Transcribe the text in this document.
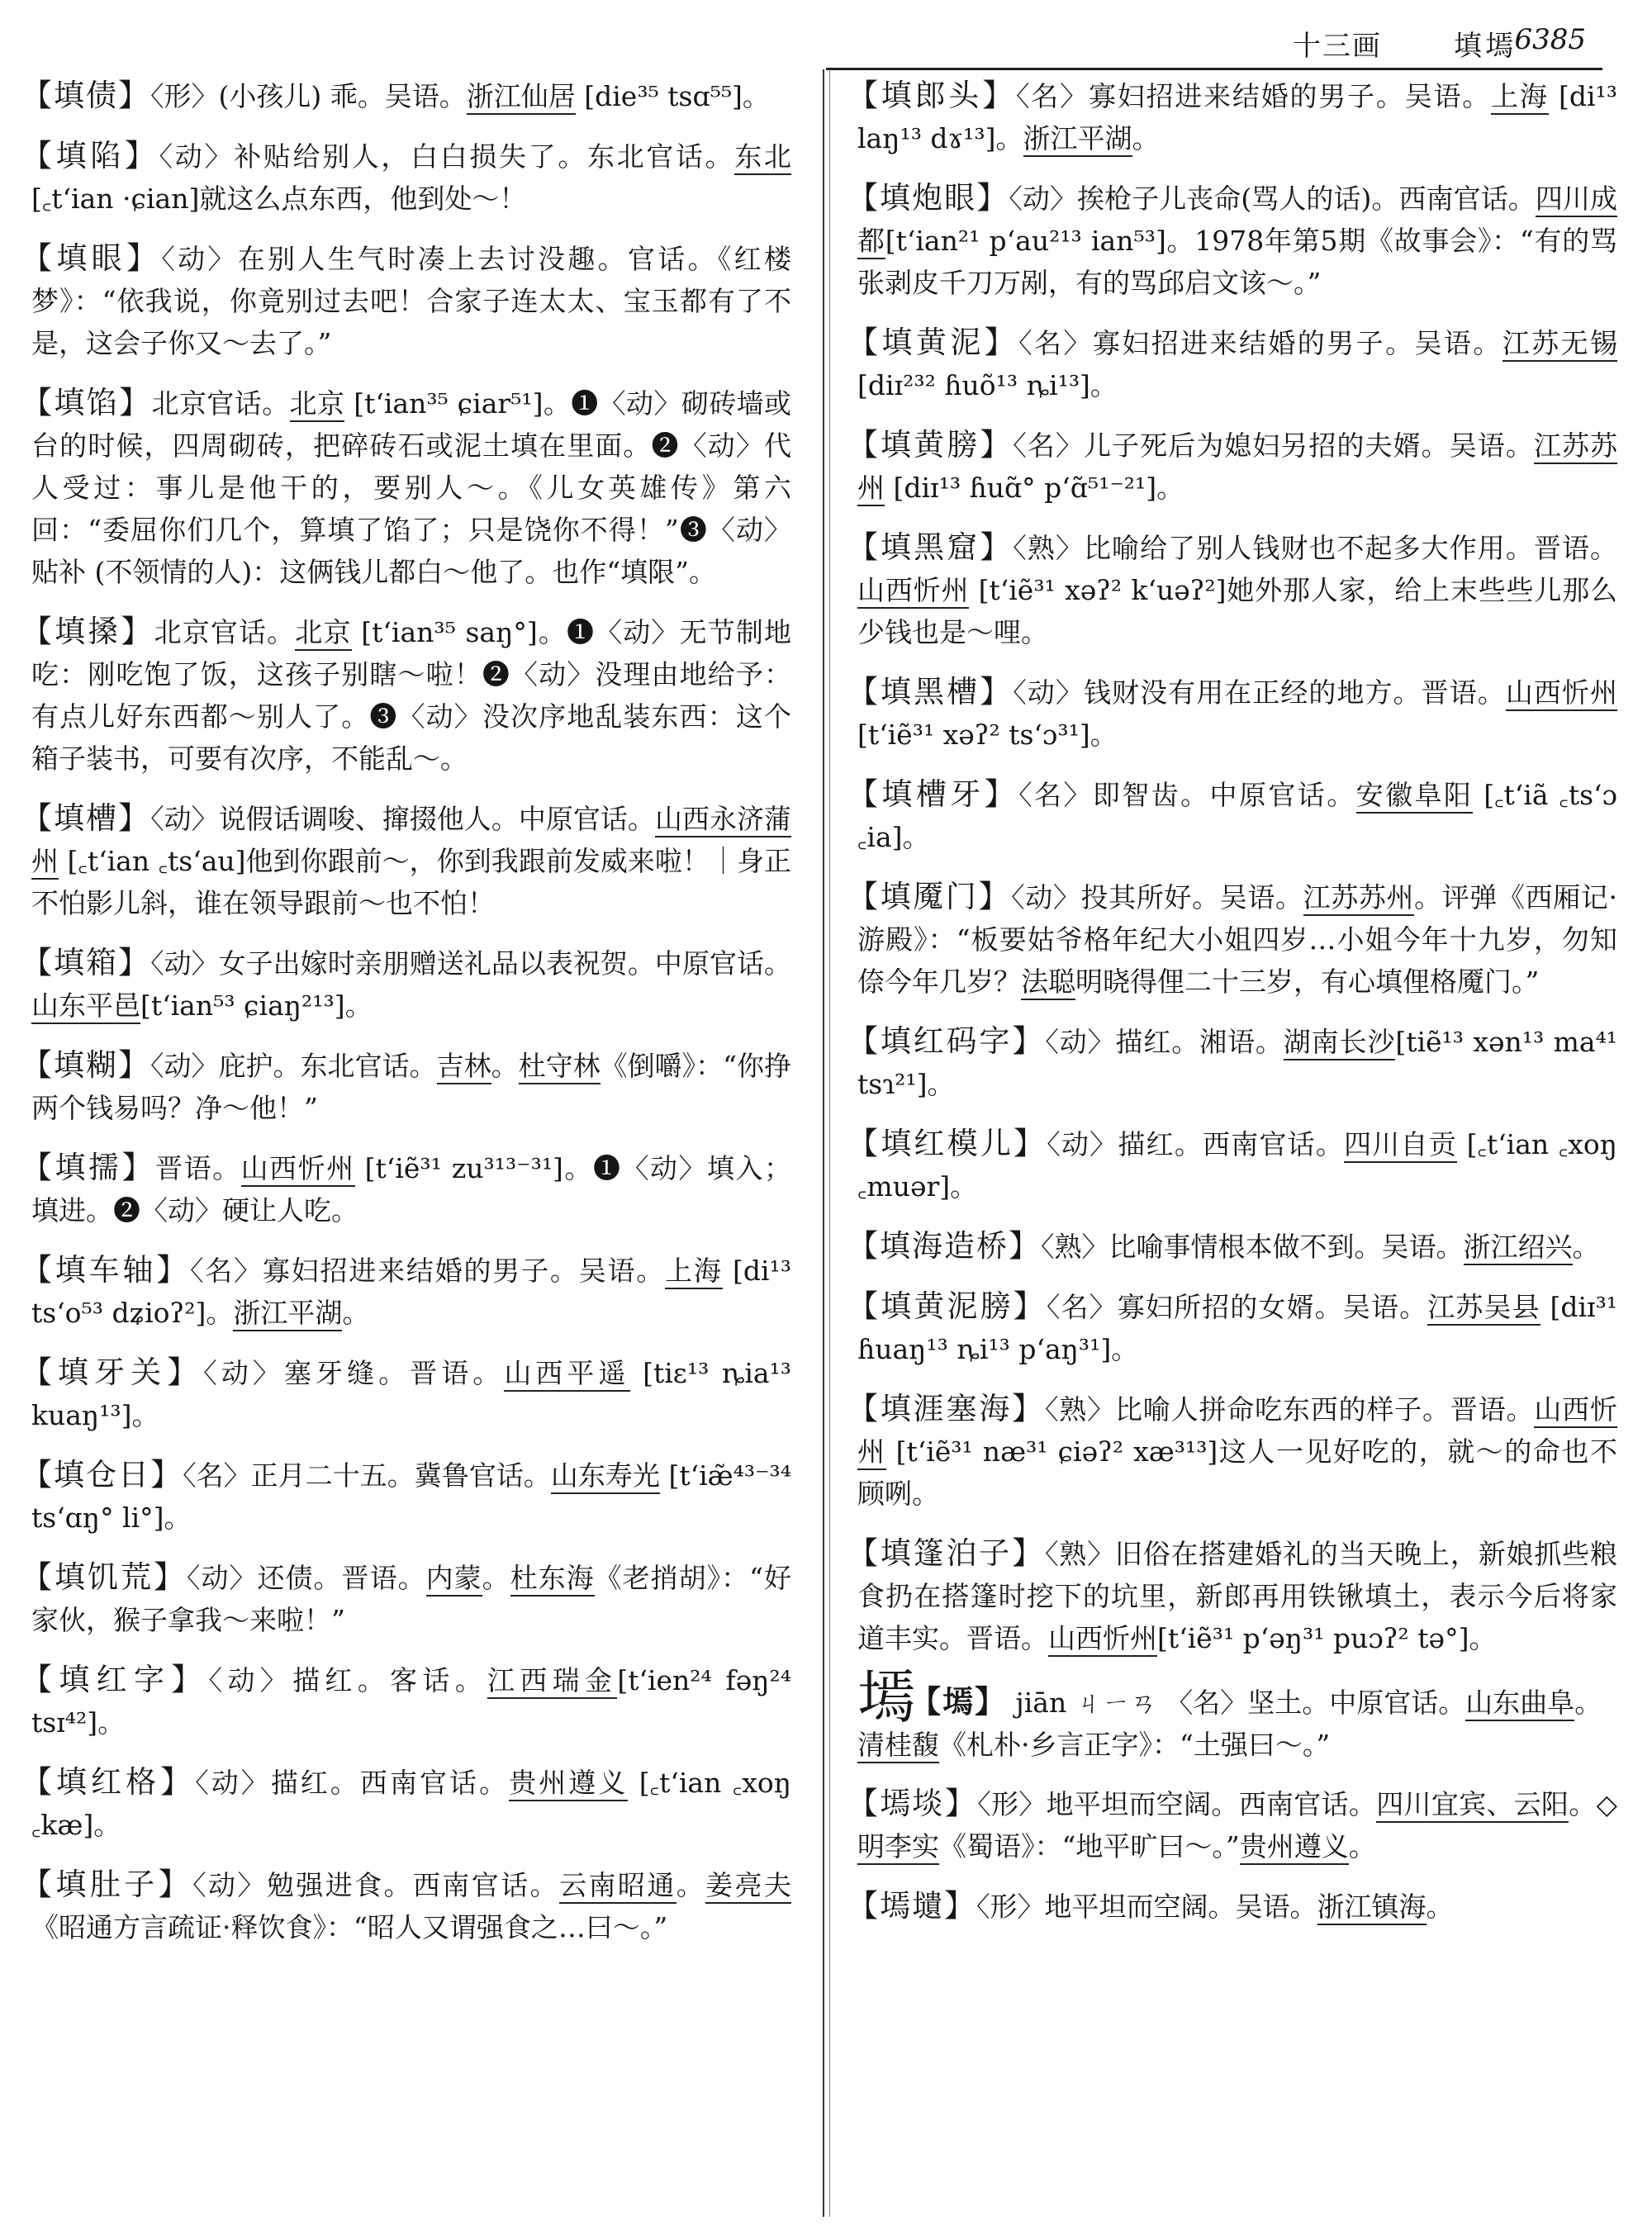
十三画	填墕
6385
【填债】〈形〉(小孩儿) 乖。吴语。浙江仙居 [die³⁵ tsɑ⁵⁵]。
【填陷】〈动〉补贴给别人，白白损失了。东北官话。东北 [꜀tʻian ·ɕian]就这么点东西，他到处～！
【填眼】〈动〉在别人生气时凑上去讨没趣。官话。《红楼梦》：“依我说，你竟别过去吧！合家子连太太、宝玉都有了不是，这会子你又～去了。”
【填馅】北京官话。北京 [tʻian³⁵ ɕiar⁵¹]。❶〈动〉砌砖墙或台的时候，四周砌砖，把碎砖石或泥土填在里面。❷〈动〉代人受过：事儿是他干的，要别人～。《儿女英雄传》第六回：“委屈你们几个，算填了馅了；只是饶你不得！”❸〈动〉贴补 (不领情的人)：这俩钱儿都白～他了。也作“填限”。
【填搡】北京官话。北京 [tʻian³⁵ saŋ°]。❶〈动〉无节制地吃：刚吃饱了饭，这孩子别瞎～啦！❷〈动〉没理由地给予：有点儿好东西都～别人了。❸〈动〉没次序地乱装东西：这个箱子装书，可要有次序，不能乱～。
【填槽】〈动〉说假话调唆、撺掇他人。中原官话。山西永济蒲州 [꜀tʻian ꜀tsʻau]他到你跟前～，你到我跟前发威来啦！｜身正不怕影儿斜，谁在领导跟前～也不怕！
【填箱】〈动〉女子出嫁时亲朋赠送礼品以表祝贺。中原官话。山东平邑[tʻian⁵³ ɕiaŋ²¹³]。
【填糊】〈动〉庇护。东北官话。吉林。杜守林《倒嚼》：“你挣两个钱易吗？净～他！”
【填擩】晋语。山西忻州 [tʻiẽ³¹ zu³¹³⁻³¹]。❶〈动〉填入；填进。❷〈动〉硬让人吃。
【填车轴】〈名〉寡妇招进来结婚的男子。吴语。上海 [di¹³ tsʻo⁵³ dʑioʔ²]。浙江平湖。
【填牙关】〈动〉塞牙缝。晋语。山西平遥 [tiɛ¹³ ȵia¹³ kuaŋ¹³]。
【填仓日】〈名〉正月二十五。冀鲁官话。山东寿光 [tʻiæ̃⁴³⁻³⁴ tsʻɑŋ° li°]。
【填饥荒】〈动〉还债。晋语。内蒙。杜东海《老捎胡》：“好家伙，猴子拿我～来啦！”
【填红字】〈动〉描红。客话。江西瑞金[tʻien²⁴ fəŋ²⁴ tsɪ⁴²]。
【填红格】〈动〉描红。西南官话。贵州遵义 [꜀tʻian ꜀xoŋ ꜀kæ]。
【填肚子】〈动〉勉强进食。西南官话。云南昭通。姜亮夫《昭通方言疏证·释饮食》：“昭人又谓强食之…曰～。”
【填郎头】〈名〉寡妇招进来结婚的男子。吴语。上海 [di¹³ laŋ¹³ dɤ¹³]。浙江平湖。
【填炮眼】〈动〉挨枪子儿丧命(骂人的话)。西南官话。四川成都[tʻian²¹ pʻau²¹³ ian⁵³]。1978年第5期《故事会》：“有的骂张剥皮千刀万剐，有的骂邱启文该～。”
【填黄泥】〈名〉寡妇招进来结婚的男子。吴语。江苏无锡 [diɪ²³² ɦuõ¹³ ȵi¹³]。
【填黄膀】〈名〉儿子死后为媳妇另招的夫婿。吴语。江苏苏州 [diɪ¹³ ɦuɑ̃° pʻɑ̃⁵¹⁻²¹]。
【填黑窟】〈熟〉比喻给了别人钱财也不起多大作用。晋语。山西忻州 [tʻiẽ³¹ xəʔ² kʻuəʔ²]她外那人家，给上末些些儿那么少钱也是～哩。
【填黑槽】〈动〉钱财没有用在正经的地方。晋语。山西忻州 [tʻiẽ³¹ xəʔ² tsʻɔ³¹]。
【填槽牙】〈名〉即智齿。中原官话。安徽阜阳 [꜀tʻiã ꜀tsʻɔ ꜀ia]。
【填魇门】〈动〉投其所好。吴语。江苏苏州。评弹《西厢记·游殿》：“板要姑爷格年纪大小姐四岁…小姐今年十九岁，勿知倷今年几岁？法聪明晓得俚二十三岁，有心填俚格魇门。”
【填红码字】〈动〉描红。湘语。湖南长沙[tiẽ¹³ xən¹³ ma⁴¹ tsɿ²¹]。
【填红模儿】〈动〉描红。西南官话。四川自贡 [꜀tʻian ꜀xoŋ ꜀muər]。
【填海造桥】〈熟〉比喻事情根本做不到。吴语。浙江绍兴。
【填黄泥膀】〈名〉寡妇所招的女婿。吴语。江苏吴县 [diɪ³¹ ɦuaŋ¹³ ȵi¹³ pʻaŋ³¹]。
【填涯塞海】〈熟〉比喻人拼命吃东西的样子。晋语。山西忻州 [tʻiẽ³¹ næ³¹ ɕiəʔ² xæ³¹³]这人一见好吃的，就～的命也不顾咧。
【填篷泊子】〈熟〉旧俗在搭建婚礼的当天晚上，新娘抓些粮食扔在搭篷时挖下的坑里，新郎再用铁锹填土，表示今后将家道丰实。晋语。山西忻州[tʻiẽ³¹ pʻəŋ³¹ puɔʔ² tə°]。
墕【墕】 jiān ㄐㄧㄢ 〈名〉坚土。中原官话。山东曲阜。清桂馥《札朴·乡言正字》：“土强曰～。”
【墕埮】〈形〉地平坦而空阔。西南官话。四川宜宾、云阳。◇明李实《蜀语》：“地平旷曰～。”贵州遵义。
【墕壝】〈形〉地平坦而空阔。吴语。浙江镇海。
